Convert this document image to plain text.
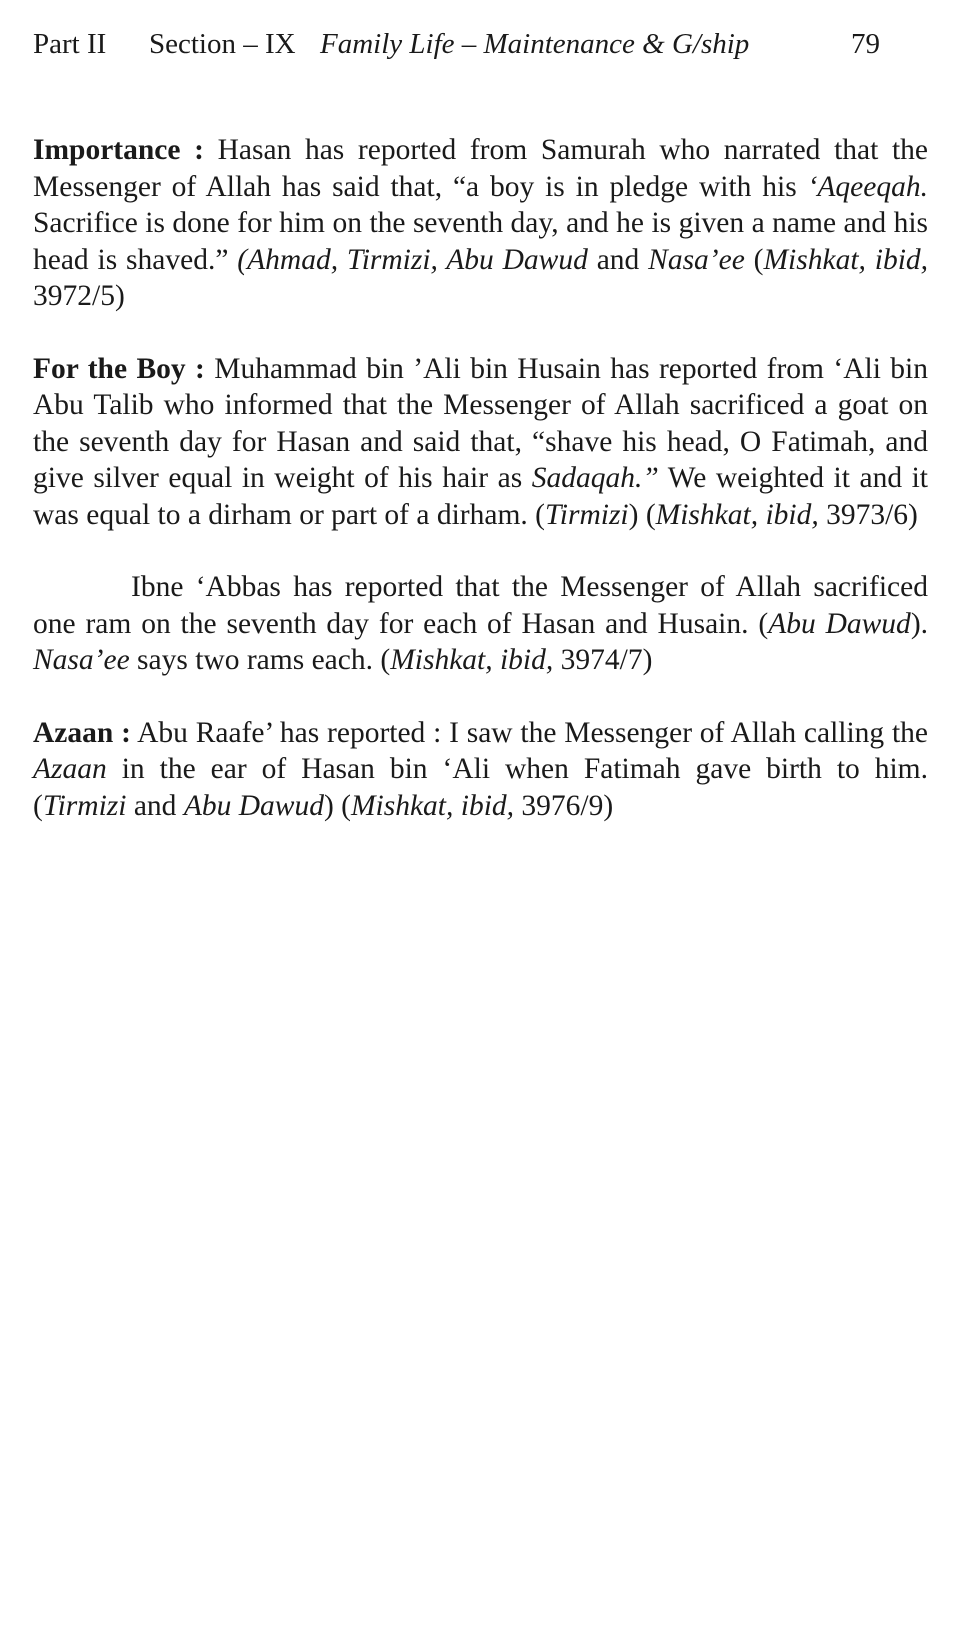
Part II Section – IX Family Life – Maintenance & G/ship	79

Importance : Hasan has reported from Samurah who narrated that the Messenger of Allah has said that, “a boy is in pledge with his ‘Aqeeqah. Sacrifice is done for him on the seventh day, and he is given a name and his head is shaved.” (Ahmad, Tirmizi, Abu Dawud and Nasa’ee (Mishkat, ibid, 3972/5)

For the Boy : Muhammad bin ’Ali bin Husain has reported from ‘Ali bin Abu Talib who informed that the Messenger of Allah sacrificed a goat on the seventh day for Hasan and said that, “shave his head, O Fatimah, and give silver equal in weight of his hair as Sadaqah.” We weighted it and it was equal to a dirham or part of a dirham. (Tirmizi) (Mishkat, ibid, 3973/6)

Ibne ‘Abbas has reported that the Messenger of Allah sacrificed one ram on the seventh day for each of Hasan and Husain. (Abu Dawud). Nasa’ee says two rams each. (Mishkat, ibid, 3974/7)

Azaan : Abu Raafe’ has reported : I saw the Messenger of Allah calling the Azaan in the ear of Hasan bin ‘Ali when Fatimah gave birth to him. (Tirmizi and Abu Dawud) (Mishkat, ibid, 3976/9)
